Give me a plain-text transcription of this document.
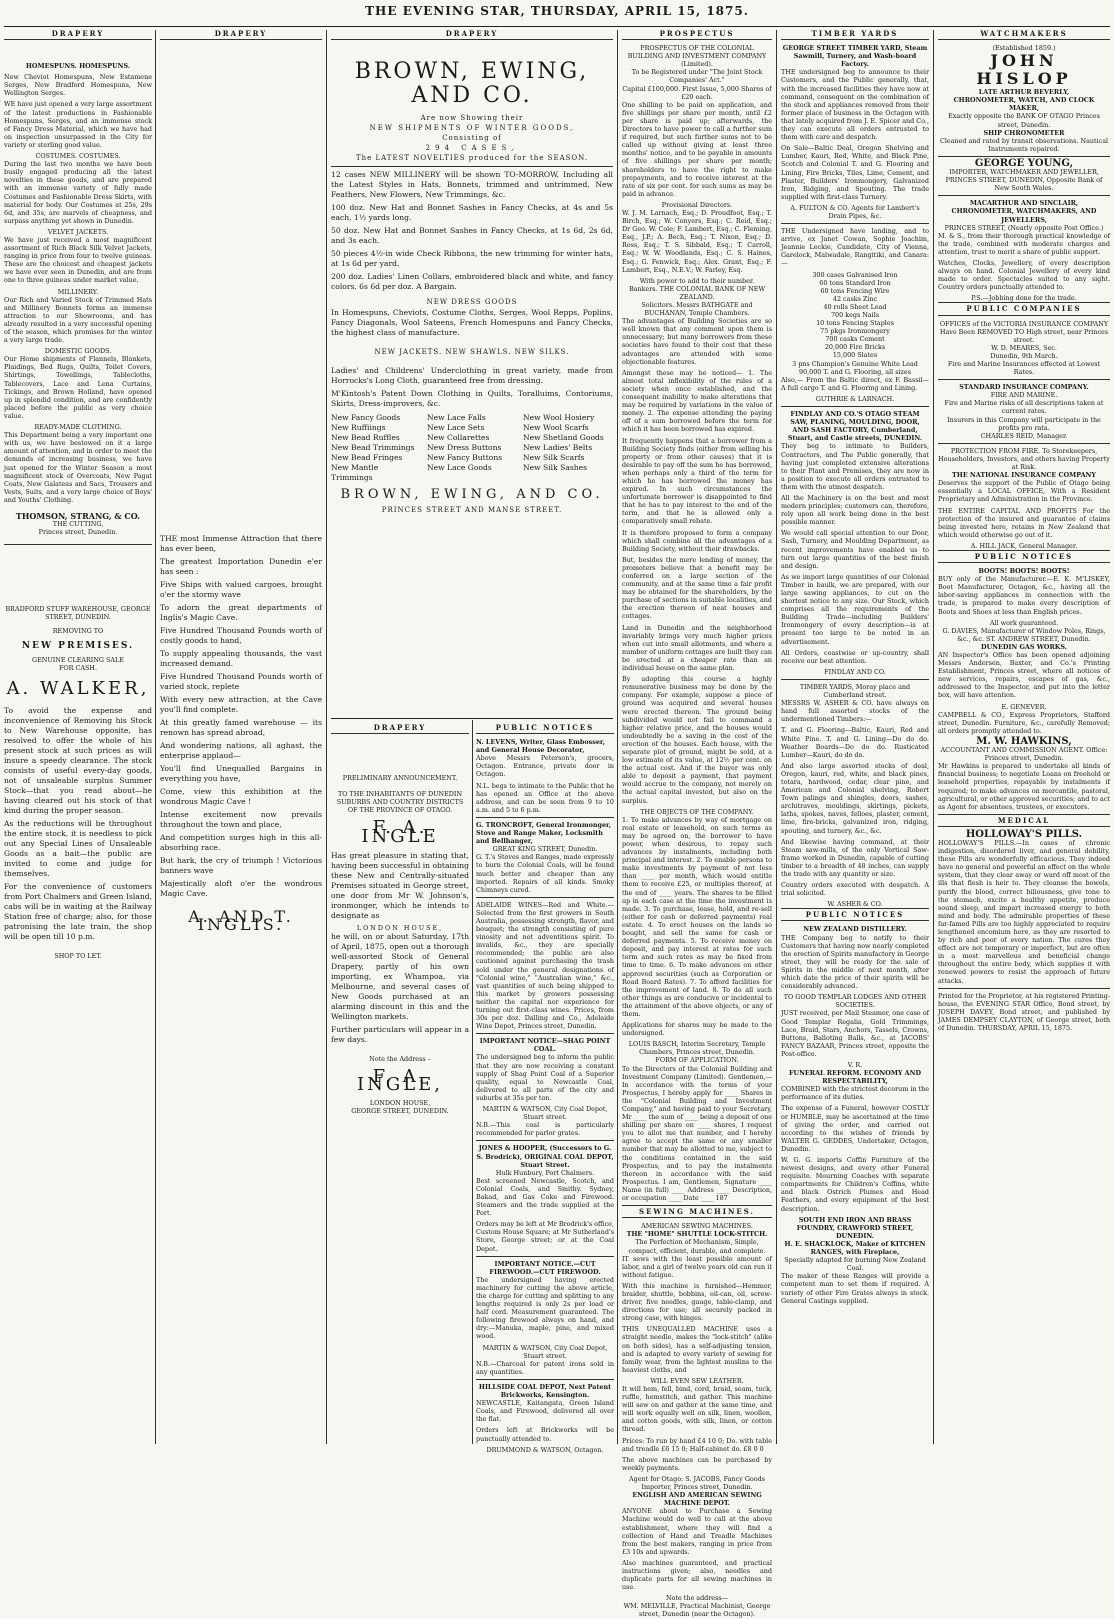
THE EVENING STAR, THURSDAY, APRIL 15, 1875.
DRAPERY
HOMESPUNS. HOMESPUNS.

New Cheviot Homespuns, New Estamene Serges, New Bradford Homespuns, New Wellington Serges.

WE have just opened a very large assortment of the latest productions in Fashionable Homespuns, Serges, and an immense stock of Fancy Dress Material, which we have had on inspection unsurpassed in the City for variety or sterling good value.

COSTUMES. COSTUMES.

During the last two months we have been busily engaged producing all the latest novelties in these goods, and are prepared with an immense variety of fully made Costumes and Fashionable Dress Skirts, with material for body. Our Costumes at 25s, 29s 6d, and 35s, are marvels of cheapness, and surpass anything yet shown in Dunedin.

VELVET JACKETS.

We have just received a most magnificent assortment of Rich Black Silk Velvet Jackets, ranging in price from four to twelve guineas. These are the choicest and cheapest jackets we have ever seen in Dunedin, and are from one to three guineas under market value.

MILLINERY.

Our Rich and Varied Stock of Trimmed Hats and Millinery Bonnets forms an immense attraction to our Showrooms, and has already resulted in a very successful opening of the season, which promises for the winter a very large trade.

DOMESTIC GOODS.

Our Home shipments of Flannels, Blankets, Plaidings, Bed Rugs, Quilts, Toilet Covers, Shirtings, Towellings, Tablecloths, Tablecovers, Lace and Lena Curtains, Tickings, and Brown Holland, have opened up in splendid condition, and are confidently placed before the public as very choice value.

READY-MADE CLOTHING.

This Department being a very important one with us, we have bestowed on it a large amount of attention, and in order to meet the demands of increasing business, we have just opened for the Winter Season a most magnificent stock of Overcoats, New Pagat Coats, New Galateas and Sacs, Trousers and Vests, Suits, and a very large choice of Boys' and Youths' Clothing.

THOMSON, STRANG, & CO.
THE CUTTING,
Princes street, Dunedin.
BRADFORD STUFF WAREHOUSE, GEORGE STREET, DUNEDIN.
REMOVING TO
NEW PREMISES.
GENUINE CLEARING SALE
FOR CASH.
A. WALKER,

To avoid the expense and inconvenience of Removing his Stock to New Warehouse opposite, has resolved to offer the whole of his present stock at such prices as will insure a speedy clearance. The stock consists of useful every-day goods, not of unsaleable surplus Summer Stock—that you read about—he having cleared out his stock of that kind during the proper season.

As the reductions will be throughout the entire stock, it is needless to pick out any Special Lines of Unsaleable Goods as a bait—the public are invited to come and judge for themselves.

For the convenience of customers from Port Chalmers and Green Island, cabs will be in waiting at the Railway Station free of charge; also, for those patronising the late train, the shop will be open till 10 p.m.

SHOP TO LET.
DRAPERY

THE most Immense Attraction that there has ever been,

The greatest Importation Dunedin e'er has seen :

Five Ships with valued cargoes, brought o'er the stormy wave

To adorn the great departments of Inglis's Magic Cave.

Five Hundred Thousand Pounds worth of costly goods to hand,

To supply appealing thousands, the vast increased demand.

Five Hundred Thousand Pounds worth of varied stock, replete

With every new attraction, at the Cave you'll find complete.

At this greatly famed warehouse — its renown has spread abroad,

And wondering nations, all aghast, the enterprise applaud—

You'll find Unequalled Bargains in everything you have,

Come, view this exhibition at the wondrous Magic Cave !

Intense excitement now prevails throughout the town and place,

And competition surges high in this all-absorbing race.

But hark, the cry of triumph ! Victorious banners wave

Majestically aloft o'er the wondrous Magic Cave.

A. AND T. INGLIS.
DRAPERY
BROWN, EWING, AND CO.
Are now Showing their
NEW SHIPMENTS OF WINTER GOODS,
Consisting of
294 CASES,
The LATEST NOVELTIES produced for the SEASON.

12 cases NEW MILLINERY will be shown TO-MORROW, Including all the Latest Styles in Hats, Bonnets, trimmed and untrimmed, New Feathers, New Flowers, New Trimmings, &c.

100 doz. New Hat and Bonnet Sashes in Fancy Checks, at 4s and 5s each, 1½ yards long.

50 doz. New Hat and Bonnet Sashes in Fancy Checks, at 1s 6d, 2s 6d, and 3s each.

50 pieces 4½-in wide Check Ribbons, the new trimming for winter hats, at 1s 6d per yard.

200 doz. Ladies' Linen Collars, embroidered black and white, and fancy colors, 6s 6d per doz. A Bargain.

NEW DRESS GOODS

In Homespuns, Cheviots, Costume Cloths, Serges, Wool Repps, Poplins, Fancy Diagonals, Wool Sateens, French Homespuns and Fancy Checks, the highest class of manufacture.

NEW JACKETS. NEW SHAWLS. NEW SILKS.

Ladies' and Childrens' Underclothing in great variety, made from Horrocks's Long Cloth, guaranteed free from dressing.

M'Kintosh's Patent Down Clothing in Quilts, Toralluims, Contoriums, Skirts, Dress-improvers, &c.

New Fancy Goods	New Lace Falls	New Wool Hosiery
New Ruffiings	New Lace Sets	New Wool Scarfs
New Bead Ruffles	New Collarettes	New Shetland Goods
New Bead Trimmings	New Dress Buttons	New Ladies' Belts
New Bead Fringes	New Fancy Buttons	New Silk Scarfs
New Mantle Trimmings
New Lace Goods	New Silk Sashes
BROWN, EWING, AND CO.
PRINCES STREET AND MANSE STREET.
DRAPERY
PRELIMINARY ANNOUNCEMENT.
TO THE INHABITANTS OF DUNEDIN SUBURBS AND COUNTRY DISTRICTS OF THE PROVINCE OF OTAGO.
F. A. INGLE

Has great pleasure in stating that, having been successful in obtaining these New and Centrally-situated Premises situated in George street, one door from Mr W. Johnson's, ironmonger, which he intends to designate as

LONDON HOUSE,

he will, on or about Saturday, 17th of April, 1875, open out a thorough well-assorted Stock of General Drapery, partly of his own importing, ex Whampoa, via Melbourne, and several cases of New Goods purchased at an alarming discount in this and the Wellington markets.

Further particulars will appear in a few days.

Note the Address –
F. A. INGLE,
LONDON HOUSE,
GEORGE STREET, DUNEDIN.
PUBLIC NOTICES
N. LEVENS, Writer, Glass Embosser, and General House Decorator,

Above Messrs Peterson's, grocers, Octagon. Entrance, private door in Octagon.

N.L. begs to intimate to the Public that he has opened an Office at the above address, and can be seen from 9 to 10 a.m. and 5 to 6 p.m.

G. TRONCROFT, General Ironmonger, Stove and Range Maker, Locksmith and Bellhanger,
GREAT KING STREET, Dunedin.

G. T.'s Stoves and Ranges, made expressly to burn the Colonial Coals, will be found much better and cheaper than any imported. Repairs of all kinds. Smoky Chimneys cured.

ADELAIDE WINES—Red and White.—Selected from the first growers in South Australia, possessing strength, flavor, and bouquet; the strength consisting of pure vinosity and not adventitious spirit. To invalids, &c., they are specially recommended; the public are also cautioned against purchasing the trash sold under the general designations of "Colonial wine," "Australian wine," &c., vast quantities of such being shipped to this market by growers possessing neither the capital nor experience for turning out first-class wines. Prices, from 30s per doz. Dalling and Co., Adelaide Wine Depot, Princes street, Dunedin.

IMPORTANT NOTICE—SHAG POINT COAL.

The undersigned beg to inform the public that they are now receiving a constant supply of Shag Point Coal of a Superior quality, equal to Newcastle Coal, delivered to all parts of the city and suburbs at 35s per ton.

MARTIN & WATSON, City Coal Depot, Stuart street.

N.B.—This coal is particularly recommended for parlor grates.

JONES & HOOPER, (Successors to G. S. Brodrick), ORIGINAL COAL DEPOT, Stuart Street.
Hulk Hunbury, Port Chalmers.

Best screened Newcastle, Scotch, and Colonial Coals, and Smithy. Sydney, Bakad, and Gas Coke and Firewood. Steamers and the trade supplied at the Port.

Orders may be left at Mr Brodrick's office, Custom House Square; at Mr Sutherland's Store, George street; or at the Coal Depot.

IMPORTANT NOTICE.—CUT FIREWOOD.—CUT FIREWOOD.

The undersigned having erected machinery for cutting the above article, the charge for cutting and splitting to any lengths required is only 2s per load or half cord. Measurement guaranteed. The following firewood always on hand, and dry:—Manuka, maple, pine, and mixed wood.

MARTIN & WATSON, City Coal Depot, Stuart street.

N.B.—Charcoal for patent irons sold in any quantities.

HILLSIDE COAL DEPOT, Next Patent Brickworks, Kensington.

NEWCASTLE, Kaitangata, Green Island Coals, and Firewood, delivered all over the flat.

Orders left at Brickworks will be punctually attended to.

DRUMMOND & WATSON, Octagon.
PROSPECTUS
PROSPECTUS OF THE COLONIAL BUILDING AND INVESTMENT COMPANY (Limited).
To be Registered under "The Joint Stock Companies' Act."
Capital £100,000. First Issue, 5,000 Shares of £20 each.

One shilling to be paid on application, and five shillings per share per month, until £2 per share is paid up; afterwards, the Directors to have power to call a further sum if required, but such further sums not to be called up without giving at least three months' notice, and to be payable in amounts of five shillings per share per month; shareholders to have the right to make prepayments, and to receive interest at the rate of six per cent. for such sums as may be paid in advance.

Provisional Directors.

W. J. M. Larnach, Esq.; D. Proudfoot, Esq.; T. Birch, Esq.; W. Conyers, Esq.; C. Reid, Esq.; Dr Geo. W. Cole; F. Lambert, Esq.; C. Fleming, Esq., J.P.; A. Bech, Esq.; T. Nixon, Esq.; D. Ross, Esq.; T. S. Sibbald, Esq.; T. Carroll, Esq.; W. W. Woodlands, Esq.; C. S. Haines, Esq.; G. Fenwick, Esq.; Alex. Grant, Esq.; F. Lambert, Esq., N.E.V.; W. Farley, Esq.

With power to add to their number.
Bankers. THE COLONIAL BANK OF NEW ZEALAND.
Solicitors. Messrs BATHGATE and BUCHANAN, Temple Chambers.

The advantages of Building Societies are so well known that any comment upon them is unnecessary; but many borrowers from these societies have found to their cost that these advantages are attended with some objectionable features.

Amongst these may be noticed— 1. The almost total inflexibility of the rules of a society when once established, and the consequent inability to make alterations that may be required by variations in the value of money. 2. The expense attending the paying off of a sum borrowed before the term for which it has been borrowed has expired.

It frequently happens that a borrower from a Building Society finds (either from selling his property or from other causes) that it is desirable to pay off the sum he has borrowed, when perhaps only a third of the term for which he has borrowed the money has expired. In such circumstances the unfortunate borrower is disappointed to find that he has to pay interest to the end of the term, and that he is allowed only a comparatively small rebate.

It is therefore proposed to form a company which shall combine all the advantages of a Building Society, without their drawbacks.

But, besides the mere lending of money, the promoters believe that a benefit may be conferred on a large section of the community, and at the same time a fair profit may be obtained for the shareholders, by the purchase of sections in suitable localities, and the erection thereon of neat houses and cottages.

Land in Dunedin and the neighborhood invariably brings very much higher prices when cut into small allotments, and where a number of uniform cottages are built they can be erected at a cheaper rate than an individual house on the same plan.

By adopting this course a highly remunerative business may be done by the company. For example, suppose a piece of ground was acquired and several houses were erected thereon. The ground being subdivided would not fail to command a higher relative price, and the houses would undoubtedly be a saving in the cost of the erection of the houses. Each house, with the separate plot of ground, might be sold, at a low estimate of its value, at 12½ per cent. on the actual cost. And if the buyer was only able to deposit a payment, that payment would accrue to the company, not merely on the actual capital invested, but also on the surplus.

THE OBJECTS OF THE COMPANY.

1. To make advances by way of mortgage on real estate or leasehold, on such terms as may be agreed on, the borrower to have power, when desirous, to repay such advances by instalments, including both principal and interest. 2. To enable persons to make investments by payment of not less than ____ per month, which would entitle them to receive £25, or multiples thereof, at the end of ____ years. The shares to be filled up in each case at the time the investment is made. 3. To purchase, lease, hold, and re-sell (either for cash or deferred payments) real estate. 4. To erect houses on the lands so bought, and sell the same for cash or deferred payments. 5. To receive money on deposit, and pay interest at rates for such term and such rates as may be fixed from time to time. 6. To make advances on other approved securities (such as Corporation or Road Board Rates). 7. To afford facilities for the improvement of land. 8. To do all such other things as are conducive or incidental to the attainment of the above objects, or any of them.

Applications for shares may be made to the undersigned.

LOUIS BASCH, Interim Secretary, Temple Chambers, Princes street, Dunedin.
FORM OF APPLICATION.

To the Directors of the Colonial Building and Investment Company (Limited). Gentlemen,—In accordance with the terms of your Prospectus, I hereby apply for ____ Shares in the "Colonial Building and Investment Company," and having paid to your Secretary, Mr ____ the sum of ____ being a deposit of one shilling per share on ____ shares, I request you to allot me that number, and I hereby agree to accept the same or any smaller number that may be allotted to me, subject to the conditions contained in the said Prospectus, and to pay the instalments thereon in accordance with the said Prospectus. I am, Gentlemen, Signature ____ Name (in full) ____ Address ____ Description, or occupation ____ Date ____ 187

SEWING MACHINES.
AMERICAN SEWING MACHINES.
THE "HOME" SHUTTLE LOCK-STITCH.
The Perfection of Mechanism, Simple, compact, efficient, durable, and complete.

IT sews with the least possible amount of labor, and a girl of twelve years old can run it without fatigue.

With this machine is furnished—Hemmer, braider, shuttle, bobbins, oil-can, oil, screw-driver, five needles, gauge, table-clamp, and directions for use; all securely packed in strong case, with hinges.

THIS UNEQUALLED MACHINE uses a straight needle, makes the "lock-stitch" (alike on both sides), has a self-adjusting tension, and is adapted to every variety of sewing for family wear, from the lightest muslins to the heaviest cloths, and

WILL EVEN SEW LEATHER.

It will hem, fell, bind, cord, braid, seam, tuck, ruffle, hemstitch, and gather. This machine will sew on and gather at the same time, and will work equally well on silk, linen, woollen, and cotton goods, with silk, linen, or cotton thread.

Prices: To run by hand £4 10 0; Do. with table and treadle £6 15 0; Half-cabinet do. £8 0 0

The above machines can be purchased by weekly payments.

Agent for Otago: S. JACOBS, Fancy Goods Importer, Princes street, Dunedin.
ENGLISH AND AMERICAN SEWING MACHINE DEPOT.

ANYONE about to Purchase a Sewing Machine would do well to call at the above establishment, where they will find a collection of Hand and Treadle Machines from the best makers, ranging in price from £3 10s and upwards.

Also machines guaranteed, and practical instructions given; also, needles and duplicate parts for all sewing machines in use.

Note the address—
WM. MELVILLE, Practical Machinist, George street, Dunedin (near the Octagon).
TIMBER YARDS
GEORGE STREET TIMBER YARD, Steam Sawmill, Turnery, and Wash-board Factory.

THE undersigned beg to announce to their Customers, and the Public generally, that, with the increased facilities they have now at command, consequent on the combination of the stock and appliances removed from their former place of business in the Octagon with that lately acquired from J. E. Spicer and Co., they can execute all orders entrusted to them with care and despatch.

On Sale—Baltic Deal, Oregon Shelving and Lumber, Kauri, Red, White, and Black Pine, Scotch and Colonial T. and G. Flooring and Lining, Fire Bricks, Tiles, Lime, Cement, and Plaster, Builders' Ironmongery, Galvanized Iron, Ridging, and Spouting. The trade supplied with first-class Turnery.

A. FULTON & CO. Agents for Lambert's Drain Pipes, &c.

THE Undersigned have landing, and to arrive, ex Janet Cowan, Sophie Joachim, Jeannie Leckie, Candidate, City of Vienna, Garelock, Malwadale, Rangitiki, and Canara:—

300 cases Galvanised Iron
60 tons Standard Iron
60 tons Fencing Wire
42 casks Zinc
40 rolls Sheet Lead
700 kegs Nails
10 tons Fencing Staples
75 pkgs Ironmongery
700 casks Cement
20,000 Fire Bricks
15,000 Slates
3 pns Champion's Genuine White Lead
90,000 T. and G. Flooring, all sizes

Also,— From the Baltic direct, ex F. Bassil— A full cargo T. and G. Flooring and Lining.

GUTHRIE & LARNACH.
FINDLAY AND CO.'S OTAGO STEAM SAW, PLANING, MOULDING, DOOR, AND SASH FACTORY, Cumberland, Stuart, and Castle streets, DUNEDIN.

They beg to intimate to Builders, Contractors, and The Public generally, that having just completed extensive alterations to their Plant and Premises, they are now in a position to execute all orders entrusted to them with the utmost despatch.

All the Machinery is on the best and most modern principles; customers can, therefore, rely upon all work being done in the best possible manner.

We would call special attention to our Door, Sash, Turnery, and Moulding Department, as recent improvements have enabled us to turn out large quantities of the best finish and design.

As we import large quantities of our Colonial Timber in baulk, we are prepared, with our large sawing appliances, to cut on the shortest notice to any size. Our Stock, which comprises all the requirements of the Building Trade—including Builders' Ironmongery of every description—is at present too large to be noted in an advertisement.

All Orders, coastwise or up-country, shall receive our best attention.

FINDLAY AND CO.
TIMBER YARDS, Moray place and Cumberland street.

MESSRS W. ASHER & CO. have always on hand full assorted stocks of the undermentioned Timbers:—

T. and G. Flooring—Baltic, Kauri, Red and White Pine. T. and G. Lining—Do do do. Weather Boards—Do do do. Rusticated Lumber—Kauri, do do do.

And also large assorted stocks of deal, Oregon, kauri, red, white, and black pines, totara, hardwood, cedar, clear pine, and American and Colonial shelving, Robert Town palings and shingles, doors, sashes, architraves, mouldings, skirtings, pickets, laths, spokes, naves, felloes, plaster, cement, lime, fire-bricks, galvanized iron, ridging, spouting, and turnery, &c., &c.

And likewise having command, at their Steam saw-mills, of the only Vertical Saw-frame worked in Dunedin, capable of cutting timber to a breadth of 48 inches, can supply the trade with any quantity or size.

Country orders executed with despatch. A trial solicited.

W. ASHER & CO.
PUBLIC NOTICES
NEW ZEALAND DISTILLERY.

THE Company beg to notify to their Customers that having now nearly completed the erection of Spirits manufactory in George street, they will be ready for the sale of Spirits in the middle of next month, after which date the price of their spirits will be considerably advanced.

TO GOOD TEMPLAR LODGES AND OTHER SOCIETIES.

JUST received, per Mail Steamer, one case of Good Templar Regalia, Gold Trimmings, Lace, Braid, Stars, Anchors, Tassels, Crowns, Buttons, Balloting Balls, &c., at JACOBS' FANCY BAZAAR, Princes street, opposite the Post-office.

V. R.
FUNERAL REFORM. ECONOMY AND RESPECTABILITY,

COMBINED with the strictest decorum in the performance of its duties.

The expense of a Funeral, however COSTLY or HUMBLE, may be ascertained at the time of giving the order, and carried out according to the wishes of friends by WALTER G. GEDDES, Undertaker, Octagon, Dunedin.

W. G. G. imports Coffin Furniture of the newest designs, and every other Funeral requisite. Mourning Coaches with separate compartments for Children's Coffins, white and black Ostrich Plumes and Head Feathers, and every equipment of the best description.

SOUTH END IRON AND BRASS FOUNDRY, CRAWFORD STREET, DUNEDIN.
H. E. SHACKLOCK, Maker of KITCHEN RANGES, with Fireplace,
Specially adapted for burning New Zealand Coal.

The maker of these Ranges will provide a competent man to set them if required. A variety of other Fire Grates always in stock. General Castings supplied.

WATCHMAKERS
(Established 1859.)
JOHN HISLOP
LATE ARTHUR BEVERLY,
CHRONOMETER, WATCH, AND CLOCK MAKER,
Exactly opposite the BANK OF OTAGO Princes street, Dunedin.
SHIP CHRONOMETER
Cleaned and rated by transit observations. Nautical Instruments repaired.
GEORGE YOUNG,
IMPORTER, WATCHMAKER AND JEWELLER, PRINCES STREET, DUNEDIN, Opposite Bank of New South Wales.
MACARTHUR AND SINCLAIR, CHRONOMETER, WATCHMAKERS, AND JEWELLERS,
PRINCES STREET, (Nearly opposite Post Office.)

M. & S., from their thorough practical knowledge of the trade, combined with moderate charges and attention, trust to merit a share of public support.

Watches, Clocks, Jewellery, of every description always on hand. Colonial Jewellery of every kind made to order. Spectacles suited to any sight. Country orders punctually attended to.

P.S.—Jobbing done for the trade.
PUBLIC COMPANIES
OFFICES of the VICTORIA INSURANCE COMPANY Have Been REMOVED TO High street, near Princes street.
W. D. MEARES, Sec.
Dunedin, 9th March.
Fire and Marine Insurances effected at Lowest Rates.
STANDARD INSURANCE COMPANY.
FIRE AND MARINE.
Fire and Marine risks of all descriptions taken at current rates.
Insurers in this Company will participate in the profits pro rata.
CHARLES REID, Manager.
PROTECTION FROM FIRE. To Storekeepers, Householders, Investors, and others having Property at Risk.
THE NATIONAL INSURANCE COMPANY

Deserves the support of the Public of Otago being essentially a LOCAL OFFICE, With a Resident Proprietary and Administration in the Province.

THE ENTIRE CAPITAL AND PROFITS For the protection of the insured and guarantee of claims being invested here, retains in New Zealand that which would otherwise go out of it.

A. HILL JACK, General Manager.
PUBLIC NOTICES
BOOTS! BOOTS! BOOTS!

BUY only of the Manufacturer.—E. K. M'LISKEY, Boot Manufacturer, Octagon, &c., having all the labor-saving appliances in connection with the trade, is prepared to make every description of Boots and Shoes at less than English prices.

All work guaranteed.
G. DAVIES, Manufacturer of Window Poles, Rings, &c., &c. ST. ANDREW STREET, Dunedin.
DUNEDIN GAS WORKS.

AN Inspector's Office has been opened adjoining Messrs Andersen, Baxter, and Co.'s Printing Establishment, Princes street, where all notices of new services, repairs, escapes of gas, &c., addressed to the Inspector, and put into the letter box, will have attention.

E. GENEVER.

CAMPBELL & CO., Express Proprietors, Stafford street, Dunedin. Furniture, &c., carefully Removed; all orders promptly attended to.

M. W. HAWKINS,
ACCOUNTANT AND COMMISSION AGENT. Office: Princes street, Dunedin.

Mr Hawkins is prepared to undertake all kinds of financial business; to negotiate Loans on freehold or leasehold properties, repayable by instalments if required; to make advances on mercantile, pastoral, agricultural, or other approved securities; and to act as Agent for absentees, trustees, or executors.

MEDICAL
HOLLOWAY'S PILLS.

HOLLOWAY'S PILLS.—In cases of chronic indigestion, disordered liver, and general debility, these Pills are wonderfully efficacious. They indeed have no general and powerful an effect on the whole system, that they clear away or ward off most of the ills that flesh is heir to. They cleanse the bowels, purify the blood, correct biliousness, give tone to the stomach, excite a healthy appetite, produce sound sleep, and impart increased energy to both mind and body. The admirable properties of these far-famed Pills are too highly appreciated to require lengthened encomium here, as they are resorted to by rich and poor of every nation. The cures they effect are not temporary or imperfect, but are often in a most marvellous and beneficial change throughout the entire body, which supplies it with renewed powers to resist the approach of future attacks.

Printed for the Proprietor, at his registered Printing-house, the EVENING STAR Office, Bond street, by JOSEPH DAVEY, Bond street, and published by JAMES DEMPSEY CLAYTON, of George street, both of Dunedin. THURSDAY, APRIL 15, 1875.
